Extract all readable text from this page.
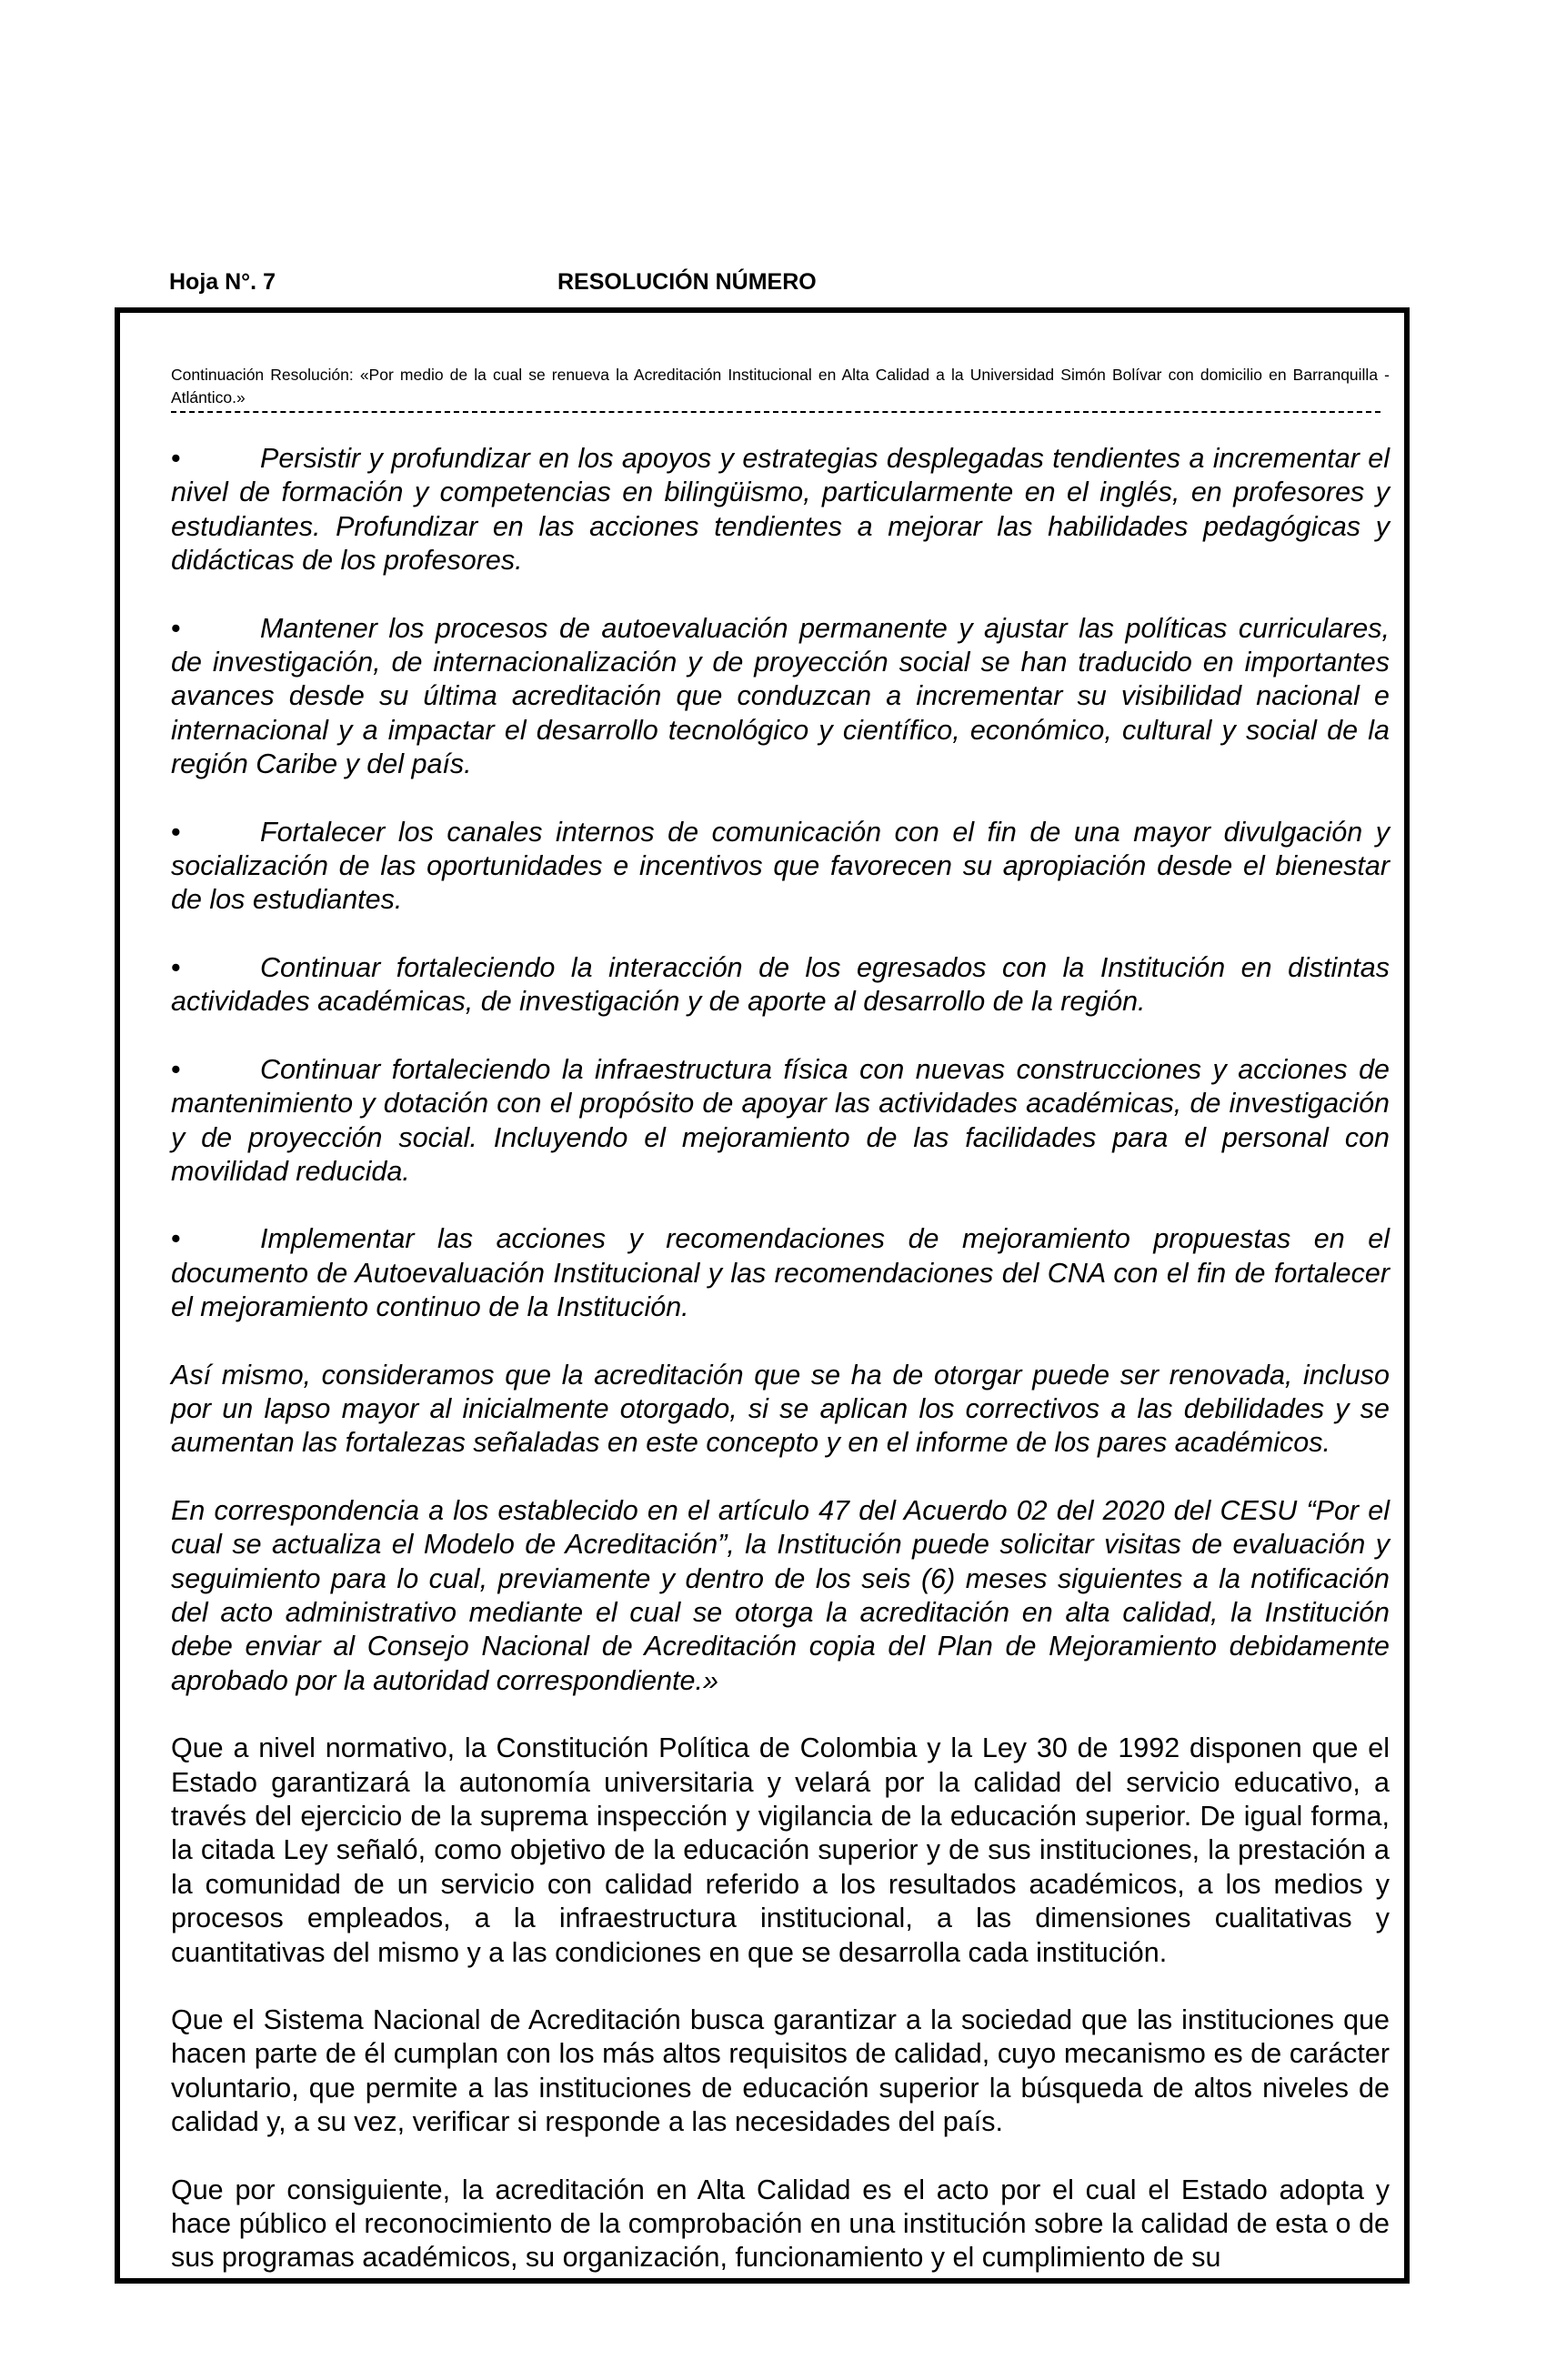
Hoja N°. 7	RESOLUCIÓN NÚMERO
Continuación Resolución: «Por medio de la cual se renueva la Acreditación Institucional en Alta Calidad a la Universidad Simón Bolívar con domicilio en Barranquilla - Atlántico.»

•	Persistir y profundizar en los apoyos y estrategias desplegadas tendientes a incrementar el nivel de formación y competencias en bilingüismo, particularmente en el inglés, en profesores y estudiantes. Profundizar en las acciones tendientes a mejorar las habilidades pedagógicas y didácticas de los profesores.

•	Mantener los procesos de autoevaluación permanente y ajustar las políticas curriculares, de investigación, de internacionalización y de proyección social se han traducido en importantes avances desde su última acreditación que conduzcan a incrementar su visibilidad nacional e internacional y a impactar el desarrollo tecnológico y científico, económico, cultural y social de la región Caribe y del país.

•	Fortalecer los canales internos de comunicación con el fin de una mayor divulgación y socialización de las oportunidades e incentivos que favorecen su apropiación desde el bienestar de los estudiantes.

•	Continuar fortaleciendo la interacción de los egresados con la Institución en distintas actividades académicas, de investigación y de aporte al desarrollo de la región.

•	Continuar fortaleciendo la infraestructura física con nuevas construcciones y acciones de mantenimiento y dotación con el propósito de apoyar las actividades académicas, de investigación y de proyección social. Incluyendo el mejoramiento de las facilidades para el personal con movilidad reducida.

•	Implementar las acciones y recomendaciones de mejoramiento propuestas en el documento de Autoevaluación Institucional y las recomendaciones del CNA con el fin de fortalecer el mejoramiento continuo de la Institución.

Así mismo, consideramos que la acreditación que se ha de otorgar puede ser renovada, incluso por un lapso mayor al inicialmente otorgado, si se aplican los correctivos a las debilidades y se aumentan las fortalezas señaladas en este concepto y en el informe de los pares académicos.

En correspondencia a los establecido en el artículo 47 del Acuerdo 02 del 2020 del CESU “Por el cual se actualiza el Modelo de Acreditación”, la Institución puede solicitar visitas de evaluación y seguimiento para lo cual, previamente y dentro de los seis (6) meses siguientes a la notificación del acto administrativo mediante el cual se otorga la acreditación en alta calidad, la Institución debe enviar al Consejo Nacional de Acreditación copia del Plan de Mejoramiento debidamente aprobado por la autoridad correspondiente.»

Que a nivel normativo, la Constitución Política de Colombia y la Ley 30 de 1992 disponen que el Estado garantizará la autonomía universitaria y velará por la calidad del servicio educativo, a través del ejercicio de la suprema inspección y vigilancia de la educación superior. De igual forma, la citada Ley señaló, como objetivo de la educación superior y de sus instituciones, la prestación a la comunidad de un servicio con calidad referido a los resultados académicos, a los medios y procesos empleados, a la infraestructura institucional, a las dimensiones cualitativas y cuantitativas del mismo y a las condiciones en que se desarrolla cada institución.

Que el Sistema Nacional de Acreditación busca garantizar a la sociedad que las instituciones que hacen parte de él cumplan con los más altos requisitos de calidad, cuyo mecanismo es de carácter voluntario, que permite a las instituciones de educación superior la búsqueda de altos niveles de calidad y, a su vez, verificar si responde a las necesidades del país.

Que por consiguiente, la acreditación en Alta Calidad es el acto por el cual el Estado adopta y hace público el reconocimiento de la comprobación en una institución sobre la calidad de esta o de sus programas académicos, su organización, funcionamiento y el cumplimiento de su
